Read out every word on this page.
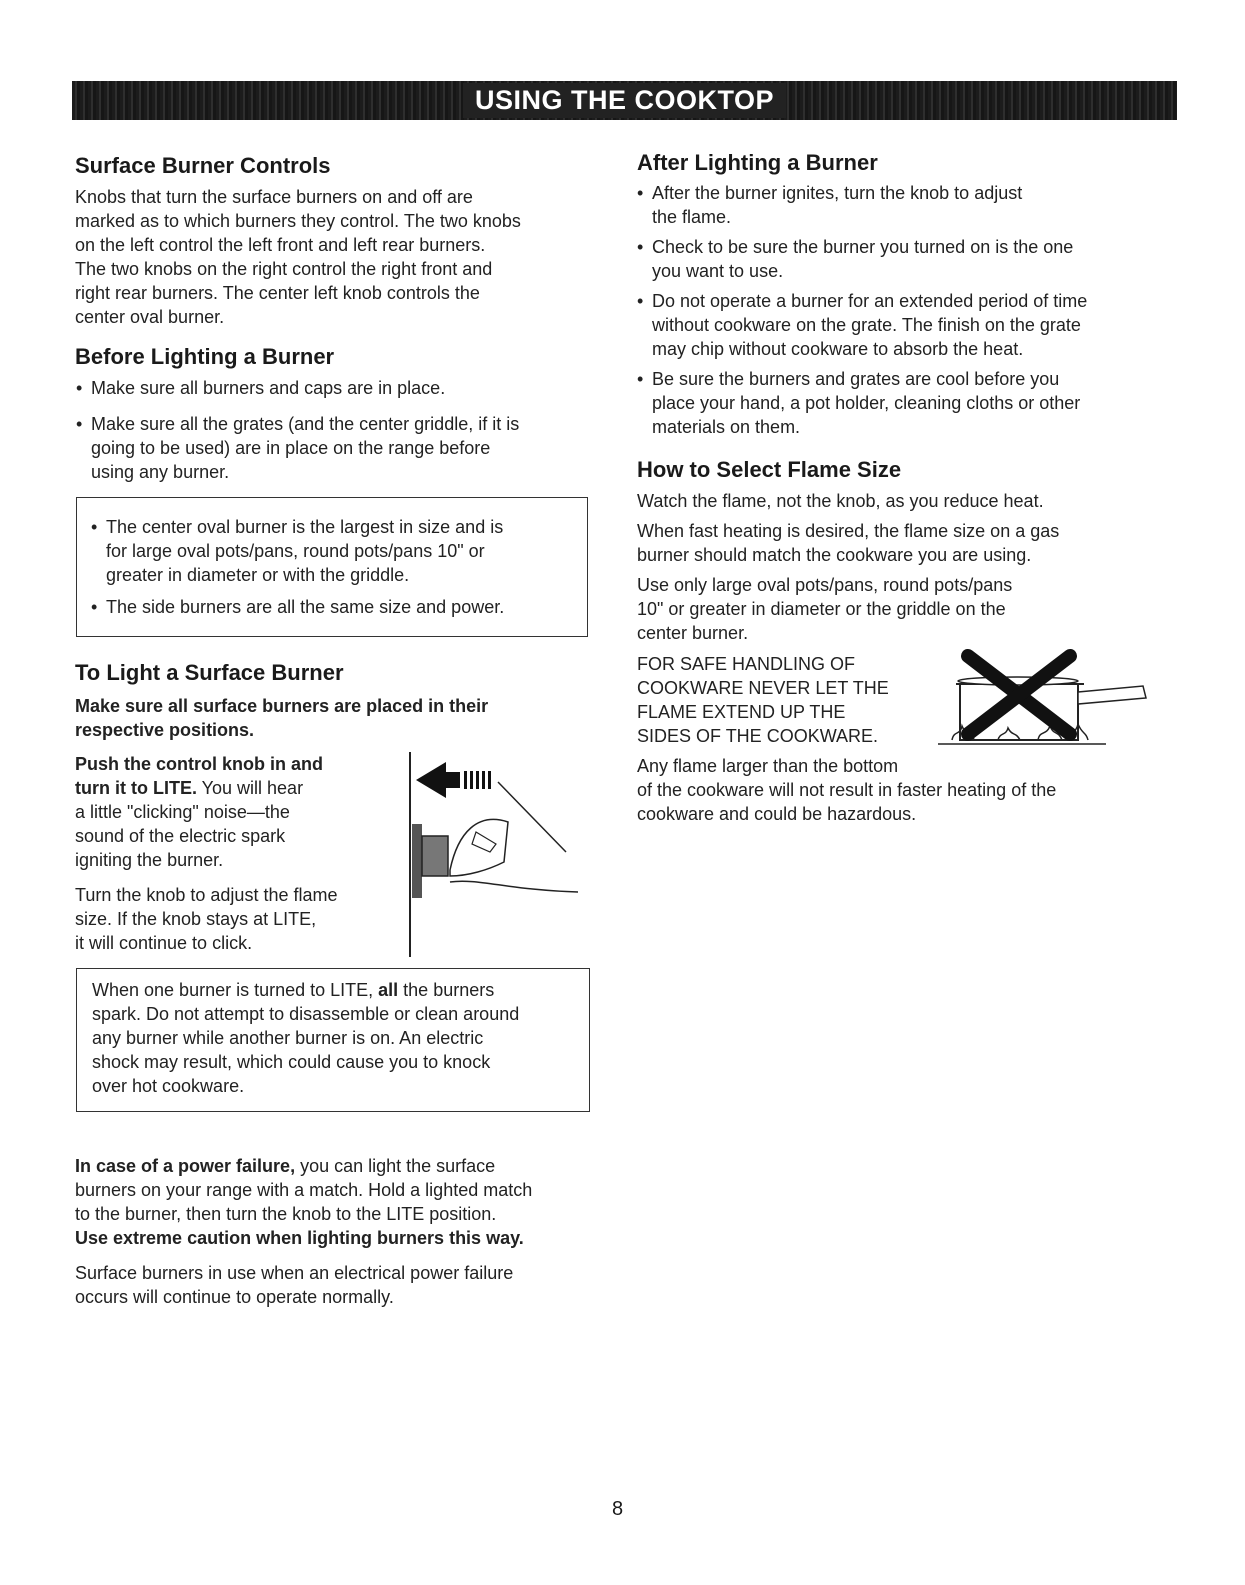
USING THE COOKTOP
Surface Burner Controls
Knobs that turn the surface burners on and off are
marked as to which burners they control. The two knobs
on the left control the left front and left rear burners.
The two knobs on the right control the right front and
right rear burners. The center left knob controls the
center oval burner.
Before Lighting a Burner
• Make sure all burners and caps are in place.
• Make sure all the grates (and the center griddle, if it is
going to be used) are in place on the range before
using any burner.
• The center oval burner is the largest in size and is
for large oval pots/pans, round pots/pans 10" or
greater in diameter or with the griddle.
• The side burners are all the same size and power.
To Light a Surface Burner
Make sure all surface burners are placed in their
respective positions.
Push the control knob in and
turn it to LITE. You will hear
a little "clicking" noise—the
sound of the electric spark
igniting the burner.
Turn the knob to adjust the flame
size. If the knob stays at LITE,
it will continue to click.
When one burner is turned to LITE, all the burners
spark. Do not attempt to disassemble or clean around
any burner while another burner is on. An electric
shock may result, which could cause you to knock
over hot cookware.
In case of a power failure, you can light the surface
burners on your range with a match. Hold a lighted match
to the burner, then turn the knob to the LITE position.
Use extreme caution when lighting burners this way.
Surface burners in use when an electrical power failure
occurs will continue to operate normally.
After Lighting a Burner
• After the burner ignites, turn the knob to adjust
the flame.
• Check to be sure the burner you turned on is the one
you want to use.
• Do not operate a burner for an extended period of time
without cookware on the grate. The finish on the grate
may chip without cookware to absorb the heat.
• Be sure the burners and grates are cool before you
place your hand, a pot holder, cleaning cloths or other
materials on them.
How to Select Flame Size
Watch the flame, not the knob, as you reduce heat.
When fast heating is desired, the flame size on a gas
burner should match the cookware you are using.
Use only large oval pots/pans, round pots/pans
10" or greater in diameter or the griddle on the
center burner.
FOR SAFE HANDLING OF
COOKWARE NEVER LET THE
FLAME EXTEND UP THE
SIDES OF THE COOKWARE.
Any flame larger than the bottom
of the cookware will not result in faster heating of the
cookware and could be hazardous.
8
